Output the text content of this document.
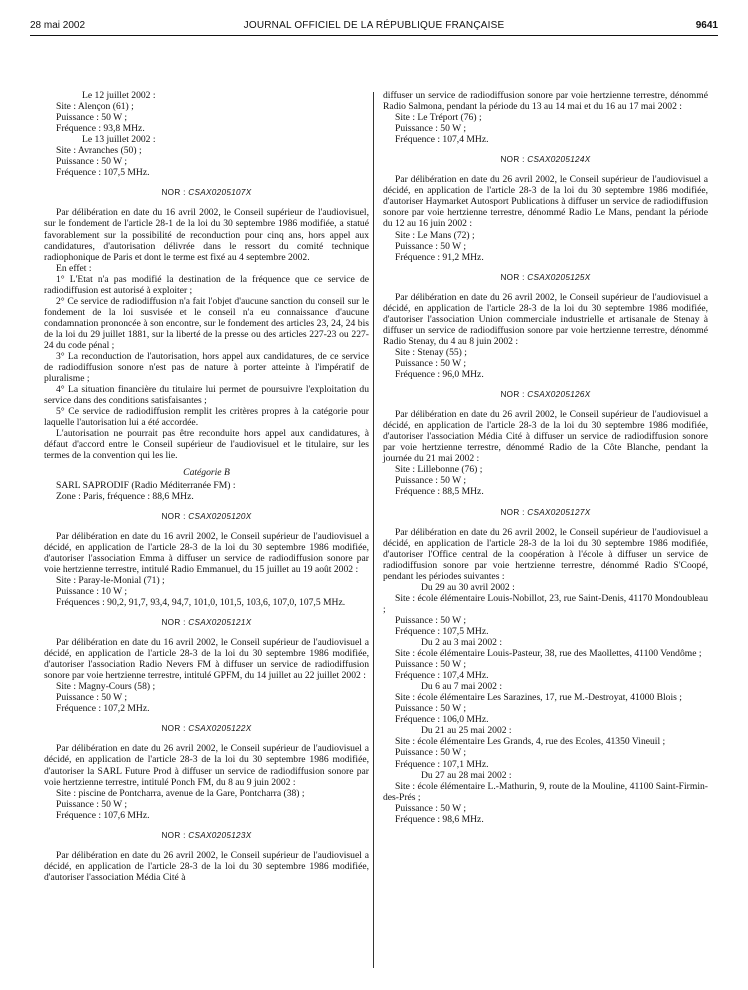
28 mai 2002	JOURNAL OFFICIEL DE LA RÉPUBLIQUE FRANÇAISE	9641

Le 12 juillet 2002 :

Site : Alençon (61) ;

Puissance : 50 W ;

Fréquence : 93,8 MHz.

Le 13 juillet 2002 :

Site : Avranches (50) ;

Puissance : 50 W ;

Fréquence : 107,5 MHz.

NOR : CSAX0205107X

Par délibération en date du 16 avril 2002, le Conseil supérieur de l'audiovisuel, sur le fondement de l'article 28-1 de la loi du 30 septembre 1986 modifiée, a statué favorablement sur la possibilité de reconduction pour cinq ans, hors appel aux candidatures, d'autorisation délivrée dans le ressort du comité technique radiophonique de Paris et dont le terme est fixé au 4 septembre 2002.

En effet :

1° L'Etat n'a pas modifié la destination de la fréquence que ce service de radiodiffusion est autorisé à exploiter ;

2° Ce service de radiodiffusion n'a fait l'objet d'aucune sanction du conseil sur le fondement de la loi susvisée et le conseil n'a eu connaissance d'aucune condamnation prononcée à son encontre, sur le fondement des articles 23, 24, 24 bis de la loi du 29 juillet 1881, sur la liberté de la presse ou des articles 227-23 ou 227-24 du code pénal ;

3° La reconduction de l'autorisation, hors appel aux candidatures, de ce service de radiodiffusion sonore n'est pas de nature à porter atteinte à l'impératif de pluralisme ;

4° La situation financière du titulaire lui permet de poursuivre l'exploitation du service dans des conditions satisfaisantes ;

5° Ce service de radiodiffusion remplit les critères propres à la catégorie pour laquelle l'autorisation lui a été accordée.

L'autorisation ne pourrait pas être reconduite hors appel aux candidatures, à défaut d'accord entre le Conseil supérieur de l'audiovisuel et le titulaire, sur les termes de la convention qui les lie.

Catégorie B

SARL SAPRODIF (Radio Méditerranée FM) :

Zone : Paris, fréquence : 88,6 MHz.

NOR : CSAX0205120X

Par délibération en date du 16 avril 2002, le Conseil supérieur de l'audiovisuel a décidé, en application de l'article 28-3 de la loi du 30 septembre 1986 modifiée, d'autoriser l'association Emma à diffuser un service de radiodiffusion sonore par voie hertzienne terrestre, intitulé Radio Emmanuel, du 15 juillet au 19 août 2002 :

Site : Paray-le-Monial (71) ;

Puissance : 10 W ;

Fréquences : 90,2, 91,7, 93,4, 94,7, 101,0, 101,5, 103,6, 107,0, 107,5 MHz.

NOR : CSAX0205121X

Par délibération en date du 16 avril 2002, le Conseil supérieur de l'audiovisuel a décidé, en application de l'article 28-3 de la loi du 30 septembre 1986 modifiée, d'autoriser l'association Radio Nevers FM à diffuser un service de radiodiffusion sonore par voie hertzienne terrestre, intitulé GPFM, du 14 juillet au 22 juillet 2002 :

Site : Magny-Cours (58) ;

Puissance : 50 W ;

Fréquence : 107,2 MHz.

NOR : CSAX0205122X

Par délibération en date du 26 avril 2002, le Conseil supérieur de l'audiovisuel a décidé, en application de l'article 28-3 de la loi du 30 septembre 1986 modifiée, d'autoriser la SARL Future Prod à diffuser un service de radiodiffusion sonore par voie hertzienne terrestre, intitulé Ponch FM, du 8 au 9 juin 2002 :

Site : piscine de Pontcharra, avenue de la Gare, Pontcharra (38) ;

Puissance : 50 W ;

Fréquence : 107,6 MHz.

NOR : CSAX0205123X

Par délibération en date du 26 avril 2002, le Conseil supérieur de l'audiovisuel a décidé, en application de l'article 28-3 de la loi du 30 septembre 1986 modifiée, d'autoriser l'association Média Cité à

diffuser un service de radiodiffusion sonore par voie hertzienne terrestre, dénommé Radio Salmona, pendant la période du 13 au 14 mai et du 16 au 17 mai 2002 :

Site : Le Tréport (76) ;

Puissance : 50 W ;

Fréquence : 107,4 MHz.

NOR : CSAX0205124X

Par délibération en date du 26 avril 2002, le Conseil supérieur de l'audiovisuel a décidé, en application de l'article 28-3 de la loi du 30 septembre 1986 modifiée, d'autoriser Haymarket Autosport Publications à diffuser un service de radiodiffusion sonore par voie hertzienne terrestre, dénommé Radio Le Mans, pendant la période du 12 au 16 juin 2002 :

Site : Le Mans (72) ;

Puissance : 50 W ;

Fréquence : 91,2 MHz.

NOR : CSAX0205125X

Par délibération en date du 26 avril 2002, le Conseil supérieur de l'audiovisuel a décidé, en application de l'article 28-3 de la loi du 30 septembre 1986 modifiée, d'autoriser l'association Union commerciale industrielle et artisanale de Stenay à diffuser un service de radiodiffusion sonore par voie hertzienne terrestre, dénommé Radio Stenay, du 4 au 8 juin 2002 :

Site : Stenay (55) ;

Puissance : 50 W ;

Fréquence : 96,0 MHz.

NOR : CSAX0205126X

Par délibération en date du 26 avril 2002, le Conseil supérieur de l'audiovisuel a décidé, en application de l'article 28-3 de la loi du 30 septembre 1986 modifiée, d'autoriser l'association Média Cité à diffuser un service de radiodiffusion sonore par voie hertzienne terrestre, dénommé Radio de la Côte Blanche, pendant la journée du 21 mai 2002 :

Site : Lillebonne (76) ;

Puissance : 50 W ;

Fréquence : 88,5 MHz.

NOR : CSAX0205127X

Par délibération en date du 26 avril 2002, le Conseil supérieur de l'audiovisuel a décidé, en application de l'article 28-3 de la loi du 30 septembre 1986 modifiée, d'autoriser l'Office central de la coopération à l'école à diffuser un service de radiodiffusion sonore par voie hertzienne terrestre, dénommé Radio S'Coopé, pendant les périodes suivantes :

Du 29 au 30 avril 2002 :

Site : école élémentaire Louis-Nobillot, 23, rue Saint-Denis, 41170 Mondoubleau ;

Puissance : 50 W ;

Fréquence : 107,5 MHz.

Du 2 au 3 mai 2002 :

Site : école élémentaire Louis-Pasteur, 38, rue des Maollettes, 41100 Vendôme ;

Puissance : 50 W ;

Fréquence : 107,4 MHz.

Du 6 au 7 mai 2002 :

Site : école élémentaire Les Sarazines, 17, rue M.-Destroyat, 41000 Blois ;

Puissance : 50 W ;

Fréquence : 106,0 MHz.

Du 21 au 25 mai 2002 :

Site : école élémentaire Les Grands, 4, rue des Ecoles, 41350 Vineuil ;

Puissance : 50 W ;

Fréquence : 107,1 MHz.

Du 27 au 28 mai 2002 :

Site : école élémentaire L.-Mathurin, 9, route de la Mouline, 41100 Saint-Firmin-des-Prés ;

Puissance : 50 W ;

Fréquence : 98,6 MHz.
